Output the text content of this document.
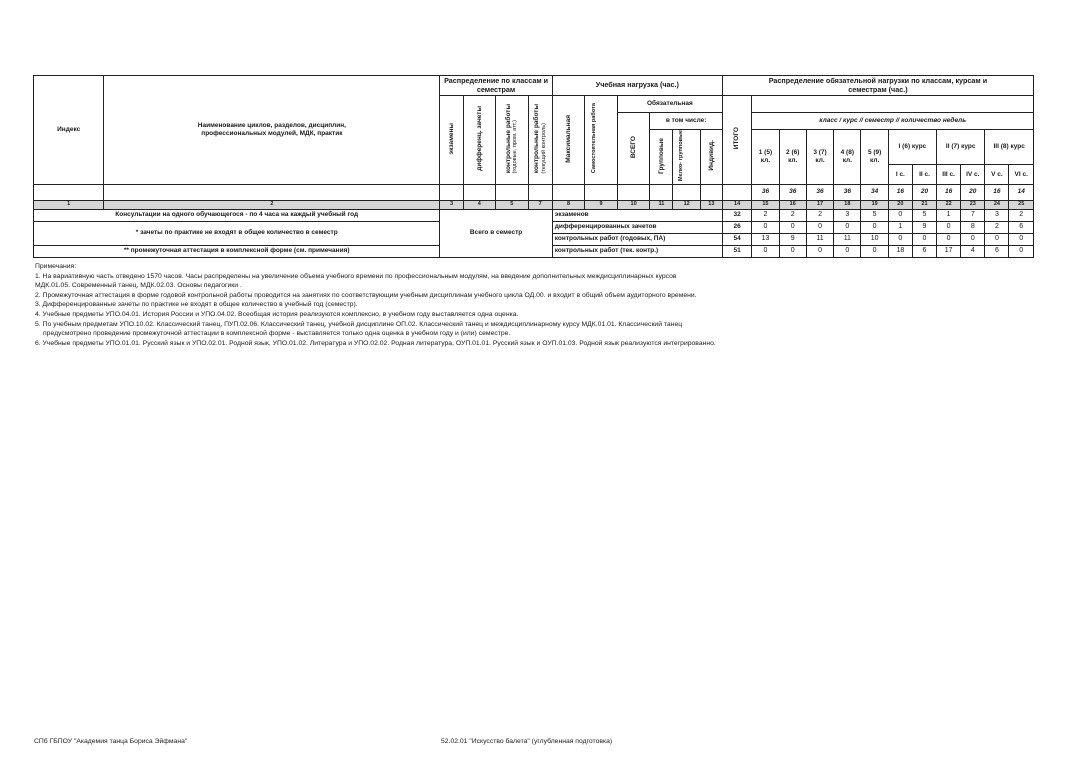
Индекс	Наименование циклов, разделов, дисциплин, профессиональных модулей, МДК, практик	Распределение по классам и семестрам				Учебная нагрузка (час.)						Распределение обязательной нагрузки по классам, курсам и семестрам (час.)											

		экзамены	дифференц. зачеты	контрольные работы(годовые, пром. атт.)	контрольные работы(текущий контроль)	Максимальная	Самостоятельная работа	Обязательная				ИТОГО											
								ВСЕГО	в том числе:				класс / курс // семестр // количество недель										
									Групповые	Мелко- групповые	Индивид.		1 (5) кл.	2 (6) кл.	3 (7) кл.	4 (8) кл.	5 (9) кл.	I (6) курс		II (7) курс		III (8) курс	
																		I с.	II с.	III с.	IV с.	V с.	VI с.
													36	36	36	36	34	16	20	16	20	16	14
1	2	3	4	5	7	8	9	10	11	12	13	14	15	16	17	18	19	20	21	22	23	24	25
Консультации на одного обучающегося - по 4 часа на каждый учебный год		Всего в семестр				экзаменов						32	2	2	2	3	5	0	5	1	7	3	2
* зачеты по практике не входят в общее количество в семестр						дифференцированных зачетов						26	0	0	0	0	0	1	9	0	8	2	6
						контрольных работ (годовых, ПА)						54	13	9	11	11	10	0	0	0	0	0	0
** промежуточная аттестация в комплексной форме (см. примечания)						контрольных работ (тек. контр.)						51	0	0	0	0	0	18	6	17	4	6	0

Примечания:

1. На вариативную часть отведено 1570 часов. Часы распределены на увеличение объема учебного времени по профессиональным модулям, на введение дополнительных междисциплинарных курсов

МДК.01.05. Современный танец, МДК.02.03. Основы педагогики .

2. Промежуточная аттестация в форме годовой контрольной работы проводится на занятиях по соответствующим учебным дисциплинам учебного цикла ОД.00. и входит в общий объем аудиторного времени.

3. Дифференцированные зачеты по практике не входят в общее количество в учебный год (семестр).

4. Учебные предметы УПО.04.01. История России и УПО.04.02. Всеобщая история реализуются комплексно, в учебном году выставляется одна оценка.

5. По учебным предметам УПО.10.02. Классический танец, ПУП.02.06. Классический танец, учебной дисциплине ОП.02. Классический танец и междисциплинарному курсу МДК.01.01. Классический танец

предусмотрено проведение промежуточной аттестации в комплексной форме - выставляется только одна оценка в учебном году и (или) семестре.

6. Учебные предметы УПО.01.01. Русский язык и УПО.02.01. Родной язык, УПО.01.02. Литература и УПО.02.02. Родная литература, ОУП.01.01. Русский язык и ОУП.01.03. Родной язык реализуются интегрированно.

СПб ГБПОУ "Академия танца Бориса Эйфмана"	52.02.01 "Искусство балета" (углубленная подготовка)
